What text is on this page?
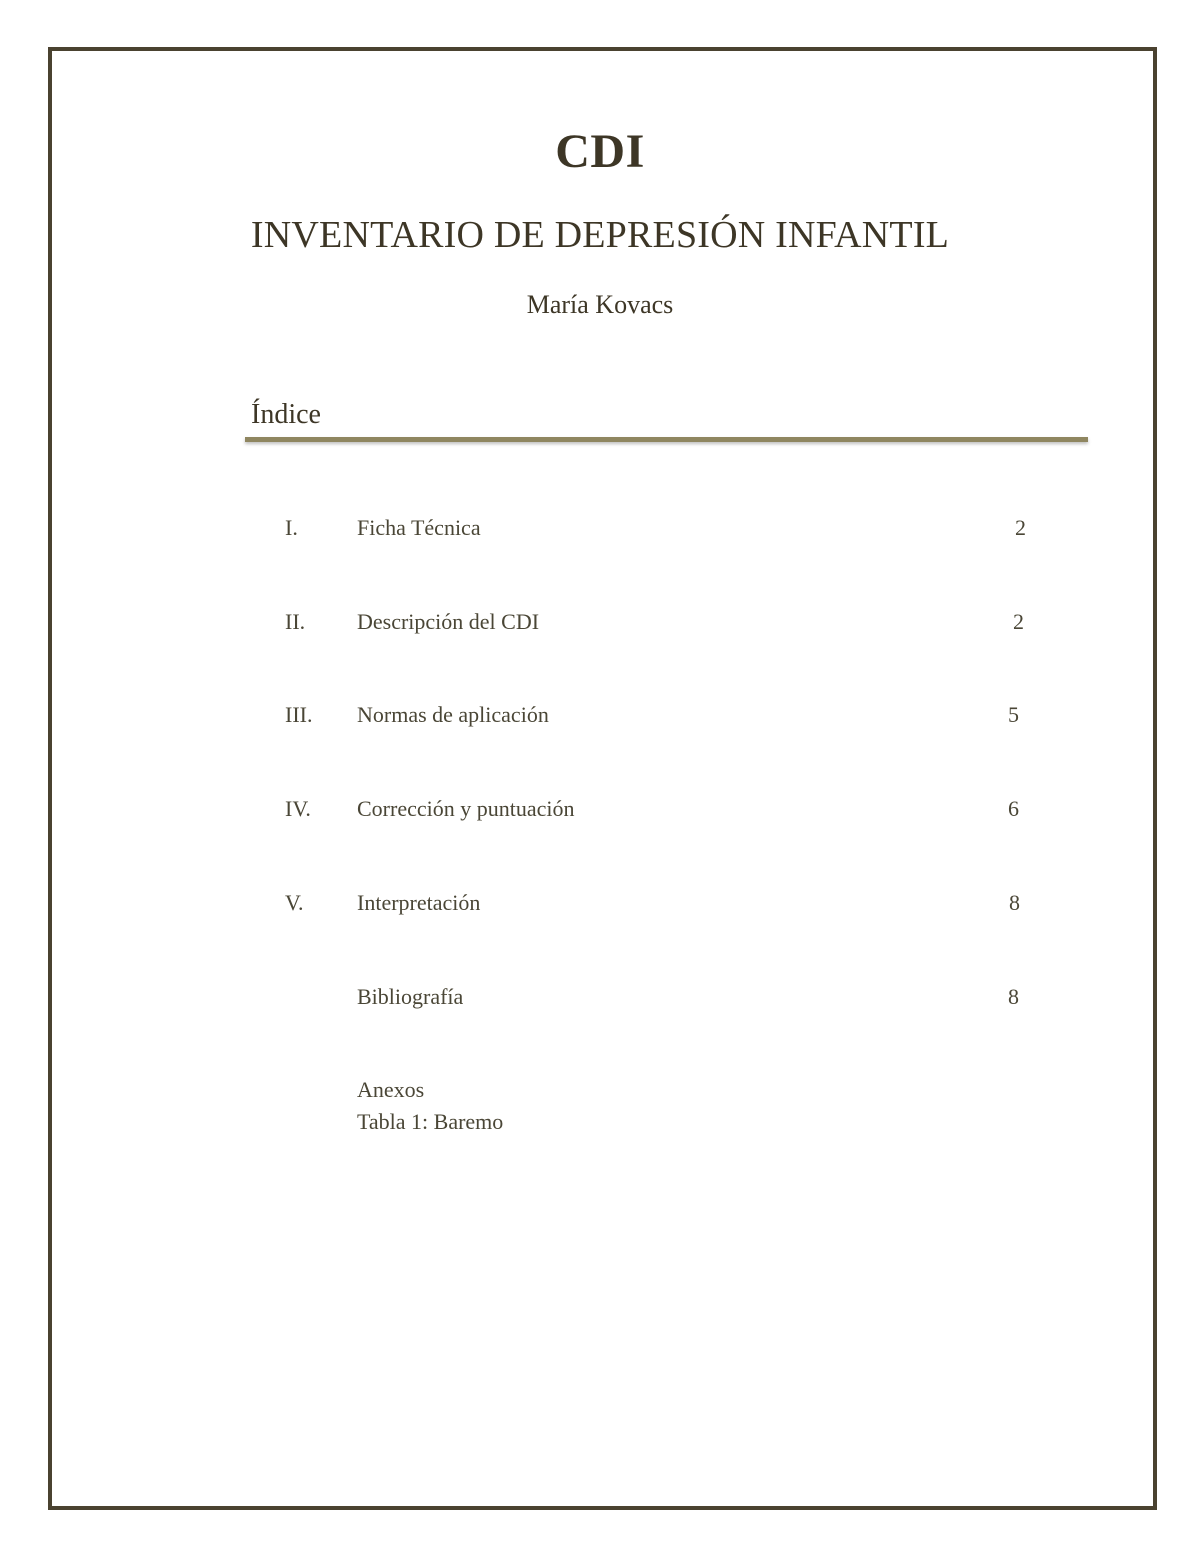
CDI
INVENTARIO DE DEPRESIÓN INFANTIL
María Kovacs
Índice
I.	Ficha Técnica	2
II. Descripción del CDI	2
III. Normas de aplicación	5
IV. Corrección y puntuación	6
V. Interpretación	8
Bibliografía	8
Anexos
Tabla 1: Baremo
